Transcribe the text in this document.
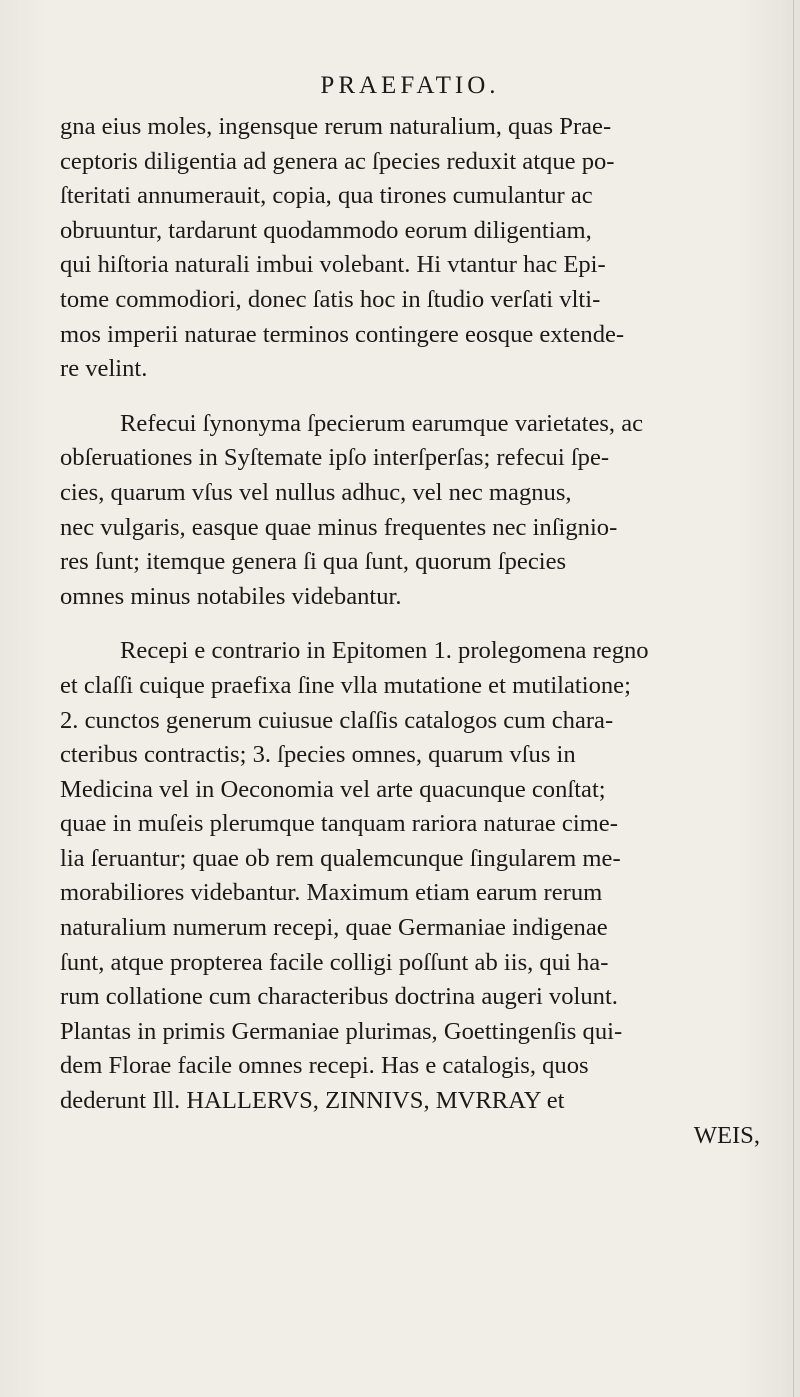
PRAEFATIO.
gna eius moles, ingensque rerum naturalium, quas Prae-
ceptoris diligentia ad genera ac ſpecies reduxit atque po-
ſteritati annumerauit, copia, qua tirones cumulantur ac
obruuntur, tardarunt quodammodo eorum diligentiam,
qui hiſtoria naturali imbui volebant. Hi vtantur hac Epi-
tome commodiori, donec ſatis hoc in ſtudio verſati vlti-
mos imperii naturae terminos contingere eosque extende-
re velint.
Refecui ſynonyma ſpecierum earumque varietates, ac
obſeruationes in Syſtemate ipſo interſperſas; refecui ſpe-
cies, quarum vſus vel nullus adhuc, vel nec magnus,
nec vulgaris, easque quae minus frequentes nec inſignio-
res ſunt; itemque genera ſi qua ſunt, quorum ſpecies
omnes minus notabiles videbantur.
Recepi e contrario in Epitomen 1. prolegomena regno
et claſſi cuique praefixa ſine vlla mutatione et mutilatione;
2. cunctos generum cuiusue claſſis catalogos cum chara-
cteribus contractis; 3. ſpecies omnes, quarum vſus in
Medicina vel in Oeconomia vel arte quacunque conſtat;
quae in muſeis plerumque tanquam rariora naturae cime-
lia ſeruantur; quae ob rem qualemcunque ſingularem me-
morabiliores videbantur. Maximum etiam earum rerum
naturalium numerum recepi, quae Germaniae indigenae
ſunt, atque propterea facile colligi poſſunt ab iis, qui ha-
rum collatione cum characteribus doctrina augeri volunt.
Plantas in primis Germaniae plurimas, Goettingenſis qui-
dem Florae facile omnes recepi. Has e catalogis, quos
dederunt Ill. HALLERVS, ZINNIVS, MVRRAY et
WEIS,
